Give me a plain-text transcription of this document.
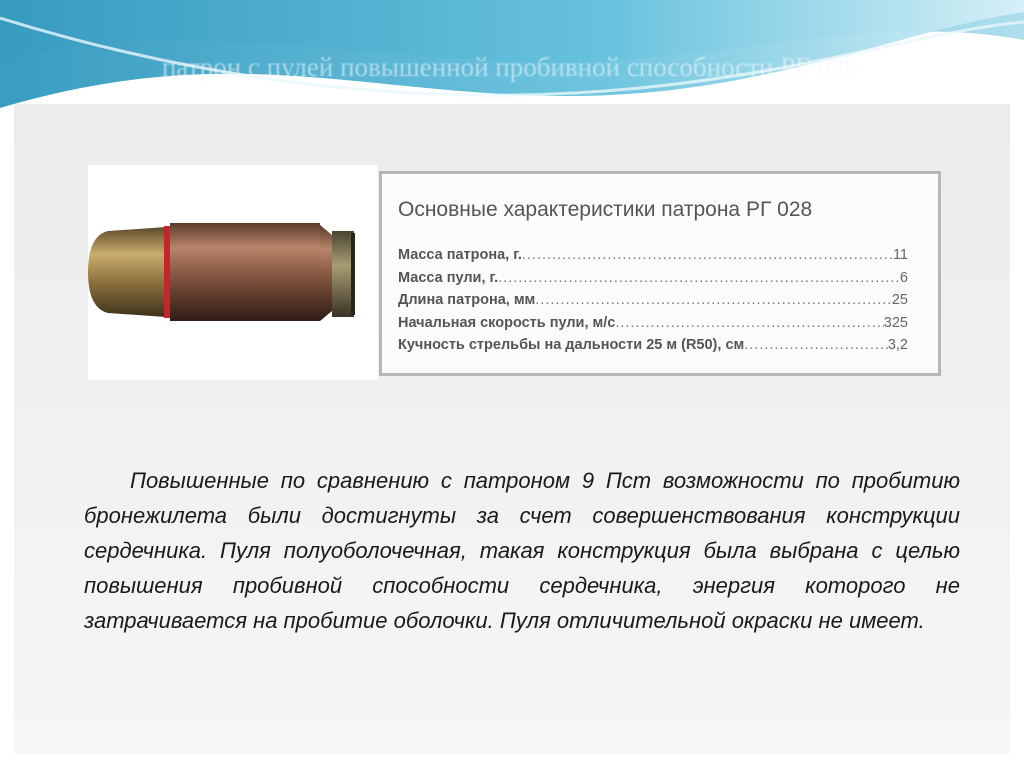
патрон с пулей повышенной пробивной способности РГ 028
Основные характеристики патрона РГ 028
Масса патрона, г. .....	11
Масса пули, г. .....	6
Длина патрона, мм .....	25
Начальная скорость пули, м/с .....	325
Кучность стрельбы на дальности 25 м (R50), см .....	3,2
Повышенные по сравнению с патроном 9 Пст возможности по пробитию бронежилета были достигнуты за счет совершенствования конструкции сердечника. Пуля полуоболочечная, такая конструкция была выбрана с целью повышения пробивной способности сердечника, энергия которого не затрачивается на пробитие оболочки. Пуля отличительной окраски не имеет.
